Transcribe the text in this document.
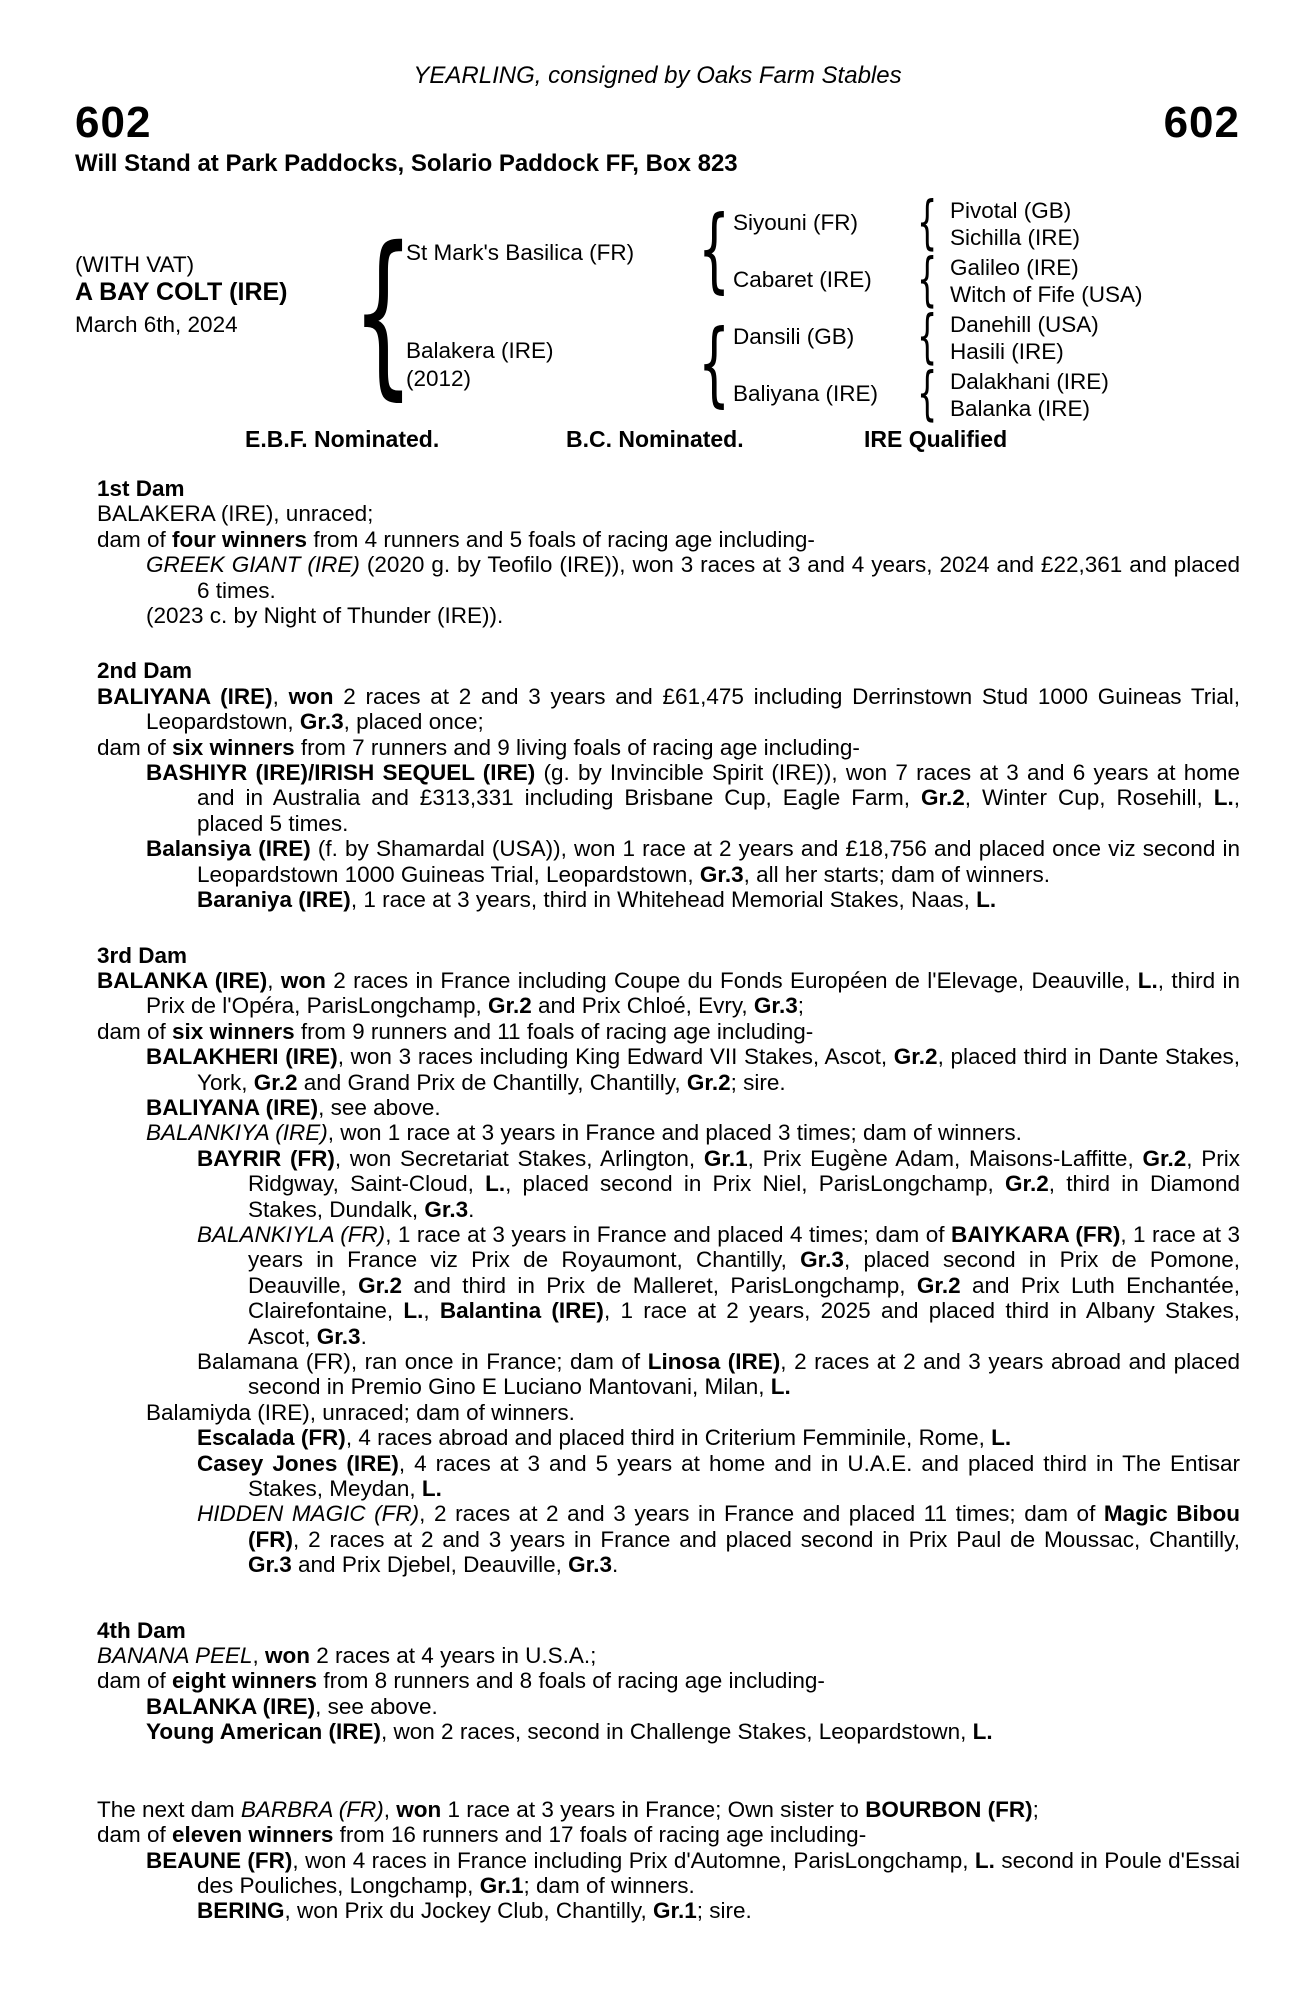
YEARLING, consigned by Oaks Farm Stables
602	602
Will Stand at Park Paddocks, Solario Paddock FF, Box 823
(WITH VAT)
A BAY COLT (IRE)
March 6th, 2024 {	{
{
{
{
{
{
St Mark's Basilica (FR)
Balakera (IRE)
(2012)
Siyouni (FR)
Cabaret (IRE)
Dansili (GB)
Baliyana (IRE)
Pivotal (GB)
Sichilla (IRE)
Galileo (IRE)
Witch of Fife (USA)
Danehill (USA)
Hasili (IRE)
Dalakhani (IRE)
Balanka (IRE)
E.B.F. Nominated.	B.C. Nominated.	IRE Qualified
1st Dam
BALAKERA (IRE), unraced;
dam of four winners from 4 runners and 5 foals of racing age including-
GREEK GIANT (IRE) (2020 g. by Teofilo (IRE)), won 3 races at 3 and 4 years, 2024 and £22,361 and placed 6 times.
(2023 c. by Night of Thunder (IRE)).
2nd Dam
BALIYANA (IRE), won 2 races at 2 and 3 years and £61,475 including Derrinstown Stud 1000 Guineas Trial, Leopardstown, Gr.3, placed once;
dam of six winners from 7 runners and 9 living foals of racing age including-
BASHIYR (IRE)/IRISH SEQUEL (IRE) (g. by Invincible Spirit (IRE)), won 7 races at 3 and 6 years at home and in Australia and £313,331 including Brisbane Cup, Eagle Farm, Gr.2, Winter Cup, Rosehill, L., placed 5 times.
Balansiya (IRE) (f. by Shamardal (USA)), won 1 race at 2 years and £18,756 and placed once viz second in Leopardstown 1000 Guineas Trial, Leopardstown, Gr.3, all her starts; dam of winners.
Baraniya (IRE), 1 race at 3 years, third in Whitehead Memorial Stakes, Naas, L.
3rd Dam
BALANKA (IRE), won 2 races in France including Coupe du Fonds Européen de l'Elevage, Deauville, L., third in Prix de l'Opéra, ParisLongchamp, Gr.2 and Prix Chloé, Evry, Gr.3;
dam of six winners from 9 runners and 11 foals of racing age including-
BALAKHERI (IRE), won 3 races including King Edward VII Stakes, Ascot, Gr.2, placed third in Dante Stakes, York, Gr.2 and Grand Prix de Chantilly, Chantilly, Gr.2; sire.
BALIYANA (IRE), see above.
BALANKIYA (IRE), won 1 race at 3 years in France and placed 3 times; dam of winners.
BAYRIR (FR), won Secretariat Stakes, Arlington, Gr.1, Prix Eugène Adam, Maisons-Laffitte, Gr.2, Prix Ridgway, Saint-Cloud, L., placed second in Prix Niel, ParisLongchamp, Gr.2, third in Diamond Stakes, Dundalk, Gr.3.
BALANKIYLA (FR), 1 race at 3 years in France and placed 4 times; dam of BAIYKARA (FR), 1 race at 3 years in France viz Prix de Royaumont, Chantilly, Gr.3, placed second in Prix de Pomone, Deauville, Gr.2 and third in Prix de Malleret, ParisLongchamp, Gr.2 and Prix Luth Enchantée, Clairefontaine, L., Balantina (IRE), 1 race at 2 years, 2025 and placed third in Albany Stakes, Ascot, Gr.3.
Balamana (FR), ran once in France; dam of Linosa (IRE), 2 races at 2 and 3 years abroad and placed second in Premio Gino E Luciano Mantovani, Milan, L.
Balamiyda (IRE), unraced; dam of winners.
Escalada (FR), 4 races abroad and placed third in Criterium Femminile, Rome, L.
Casey Jones (IRE), 4 races at 3 and 5 years at home and in U.A.E. and placed third in The Entisar Stakes, Meydan, L.
HIDDEN MAGIC (FR), 2 races at 2 and 3 years in France and placed 11 times; dam of Magic Bibou (FR), 2 races at 2 and 3 years in France and placed second in Prix Paul de Moussac, Chantilly, Gr.3 and Prix Djebel, Deauville, Gr.3.
4th Dam
BANANA PEEL, won 2 races at 4 years in U.S.A.;
dam of eight winners from 8 runners and 8 foals of racing age including-
BALANKA (IRE), see above.
Young American (IRE), won 2 races, second in Challenge Stakes, Leopardstown, L.
The next dam BARBRA (FR), won 1 race at 3 years in France; Own sister to BOURBON (FR);
dam of eleven winners from 16 runners and 17 foals of racing age including-
BEAUNE (FR), won 4 races in France including Prix d'Automne, ParisLongchamp, L. second in Poule d'Essai des Pouliches, Longchamp, Gr.1; dam of winners.
BERING, won Prix du Jockey Club, Chantilly, Gr.1; sire.
